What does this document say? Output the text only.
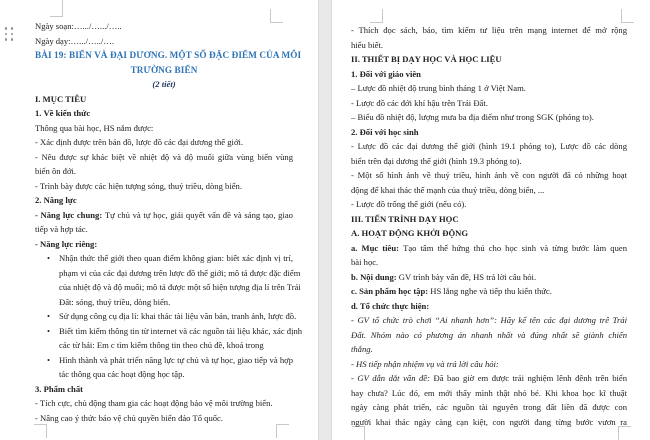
Ngày soạn:….../….../…..
Ngày dạy:….../…../….
BÀI 19: BIỂN VÀ ĐẠI DƯƠNG. MỘT SỐ ĐẶC ĐIỂM CỦA MÔI
TRƯỜNG BIỂN
(2 tiết)
I. MỤC TIÊU
1. Về kiến thức
Thông qua bài học, HS nắm được:
- Xác định được trên bản đồ, lược đồ các đại dương thế giới.
- Nêu được sự khác biệt về nhiệt độ và độ muối giữa vùng biển vùng
biển ôn đới.
- Trình bày được các hiện tượng sóng, thuỷ triều, dòng biển.
2. Năng lực
- Năng lực chung: Tự chủ và tự học, giải quyết vấn đề và sáng tạo, giao
tiếp và hợp tác.
- Năng lực riêng:
• Nhận thức thế giới theo quan điểm không gian: biết xác định vị trí,
phạm vi của các đại dương trên lược đồ thế giới; mô tả được đặc điểm
của nhiệt độ và độ muối; mô tả được một số hiện tượng địa lí trên Trái
Đất: sóng, thuỷ triều, dòng biển.
• Sử dụng công cụ địa lí: khai thác tài liệu văn bản, tranh ảnh, lược đồ.
• Biết tìm kiếm thông tin từ internet và các nguồn tài liệu khác, xác định
các từ hải: Em c tìm kiếm thông tin theo chủ đề, khoá trong
• Hình thành và phát triển năng lực tự chủ và tự học, giao tiếp và hợp
tác thông qua các hoạt động học tập.
3. Phẩm chất
- Tích cực, chủ động tham gia các hoạt động bảo vệ môi trường biển.
- Nâng cao ý thức bảo vệ chủ quyền biển đảo Tổ quốc.
- Thích đọc sách, báo, tìm kiếm tư liệu trên mạng internet để mở rộng
hiểu biết.
II. THIẾT BỊ DẠY HỌC VÀ HỌC LIỆU
1. Đối với giáo viên
– Lược đồ nhiệt độ trung bình tháng 1 ở Việt Nam.
- Lược đồ các đới khí hậu trên Trái Đất.
– Biểu đồ nhiệt độ, lượng mưa ba địa điểm như trong SGK (phóng to).
2. Đối với học sinh
- Lược đồ các đại dương thế giới (hình 19.1 phóng to), Lược đồ các dòng
biển trên đại dương thế giới (hình 19.3 phóng to).
- Một số hình ảnh về thuỷ triều, hình ảnh về con người đã có những hoạt
động để khai thác thế mạnh của thuỷ triều, dòng biển, ...
- Lược đồ trống thế giới (nếu có).
III. TIẾN TRÌNH DẠY HỌC
A. HOẠT ĐỘNG KHỞI ĐỘNG
a. Mục tiêu: Tạo tâm thế hứng thú cho học sinh và từng bước làm quen
bài học.
b. Nội dung: GV trình bày vấn đề, HS trả lời câu hỏi.
c. Sản phẩm học tập: HS lắng nghe và tiếp thu kiến thức.
d. Tổ chức thực hiện:
- GV tổ chức trò chơi “Ai nhanh hơn”: Hãy kể tên các đại dương trê Trái
Đất. Nhóm nào có phương án nhanh nhất và đúng nhất sẽ giành chiến
thắng.
- HS tiếp nhận nhiệm vụ và trả lời câu hỏi:
- GV dẫn dắt vấn đề: Đã bao giờ em được trải nghiệm lênh đênh trên biển
hay chưa? Lúc đó, em mới thấy mình thật nhỏ bé. Khi khoa học kĩ thuật
ngày càng phát triển, các nguồn tài nguyên trong đất liền đã được con
người khai thác ngày càng cạn kiệt, con người đang từng bước vươn ra
